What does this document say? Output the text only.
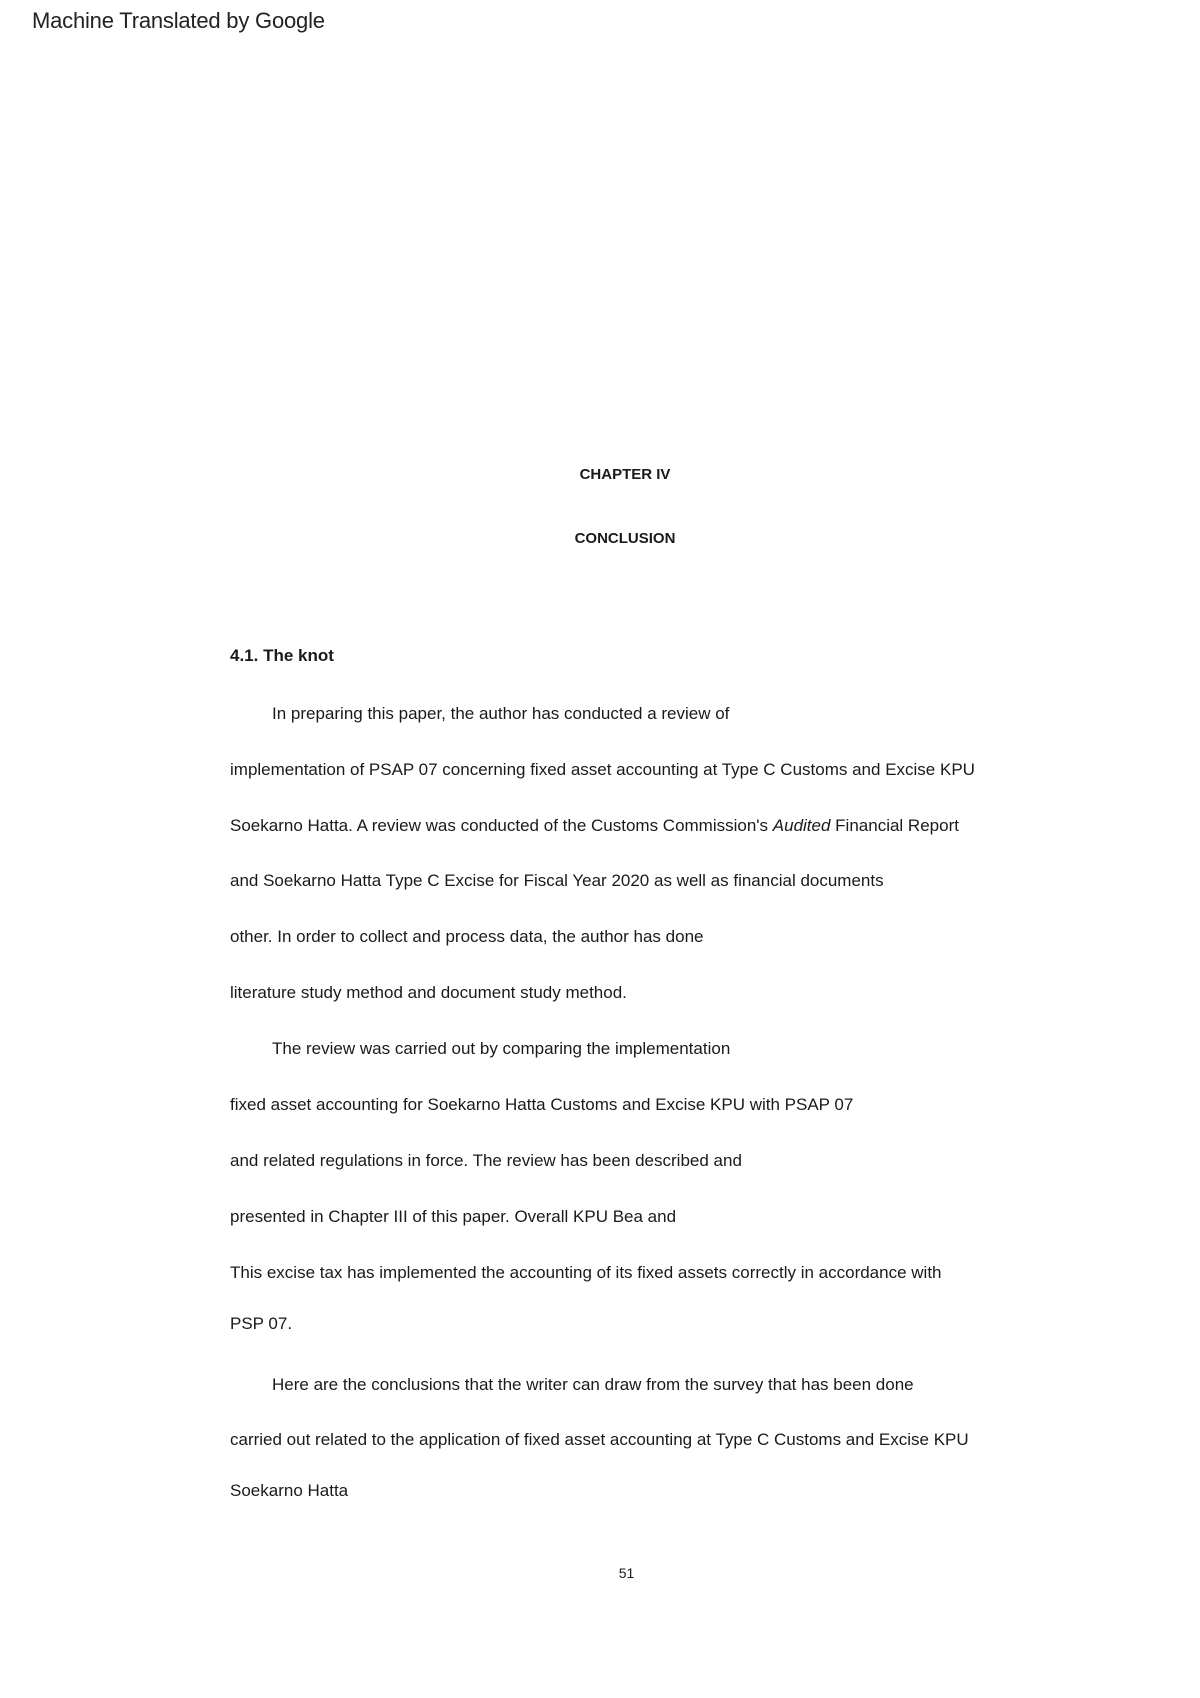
Machine Translated by Google
CHAPTER IV
CONCLUSION
4.1. The knot
In preparing this paper, the author has conducted a review of
implementation of PSAP 07 concerning fixed asset accounting at Type C Customs and Excise KPU
Soekarno Hatta. A review was conducted of the Customs Commission's Audited Financial Report
and Soekarno Hatta Type C Excise for Fiscal Year 2020 as well as financial documents
other. In order to collect and process data, the author has done
literature study method and document study method.
The review was carried out by comparing the implementation
fixed asset accounting for Soekarno Hatta Customs and Excise KPU with PSAP 07
and related regulations in force. The review has been described and
presented in Chapter III of this paper. Overall KPU Bea and
This excise tax has implemented the accounting of its fixed assets correctly in accordance with
PSP 07.
Here are the conclusions that the writer can draw from the survey that has been done
carried out related to the application of fixed asset accounting at Type C Customs and Excise KPU
Soekarno Hatta
51
